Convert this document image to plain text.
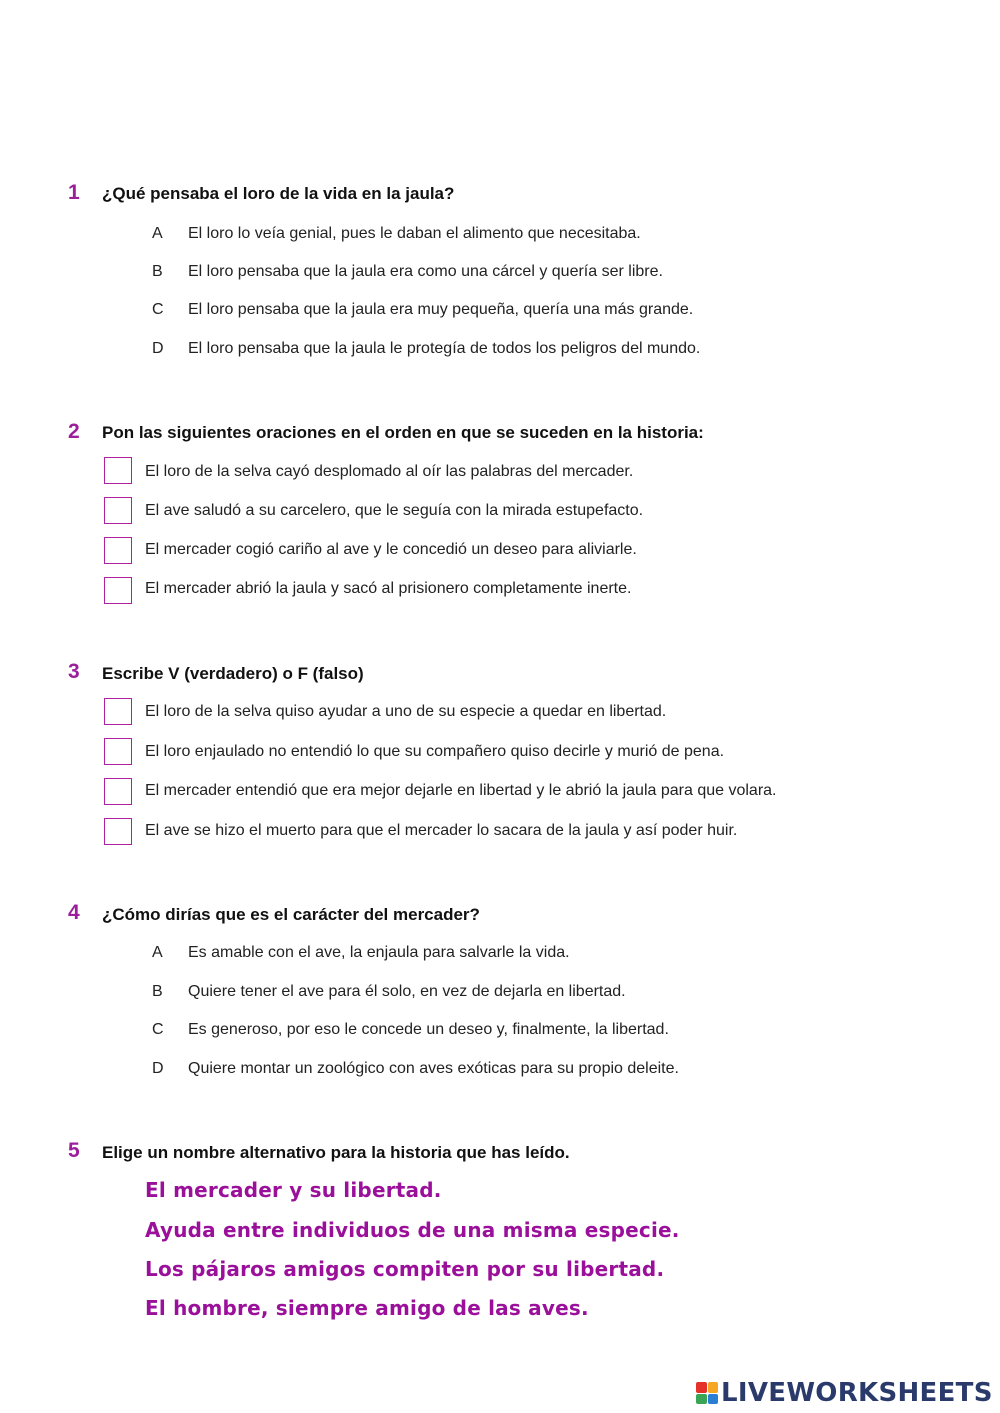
1 ¿Qué pensaba el loro de la vida en la jaula?
A El loro lo veía genial, pues le daban el alimento que necesitaba.
B El loro pensaba que la jaula era como una cárcel y quería ser libre.
C El loro pensaba que la jaula era muy pequeña, quería una más grande.
D El loro pensaba que la jaula le protegía de todos los peligros del mundo.
2 Pon las siguientes oraciones en el orden en que se suceden en la historia:
El loro de la selva cayó desplomado al oír las palabras del mercader.
El ave saludó a su carcelero, que le seguía con la mirada estupefacto.
El mercader cogió cariño al ave y le concedió un deseo para aliviarle.
El mercader abrió la jaula y sacó al prisionero completamente inerte.
3 Escribe V (verdadero) o F (falso)
El loro de la selva quiso ayudar a uno de su especie a quedar en libertad.
El loro enjaulado no entendió lo que su compañero quiso decirle y murió de pena.
El mercader entendió que era mejor dejarle en libertad y le abrió la jaula para que volara.
El ave se hizo el muerto para que el mercader lo sacara de la jaula y así poder huir.
4 ¿Cómo dirías que es el carácter del mercader?
A Es amable con el ave, la enjaula para salvarle la vida.
B Quiere tener el ave para él solo, en vez de dejarla en libertad.
C Es generoso, por eso le concede un deseo y, finalmente, la libertad.
D Quiere montar un zoológico con aves exóticas para su propio deleite.
5 Elige un nombre alternativo para la historia que has leído.
El mercader y su libertad.
Ayuda entre individuos de una misma especie.
Los pájaros amigos compiten por su libertad.
El hombre, siempre amigo de las aves.
LIVEWORKSHEETS
